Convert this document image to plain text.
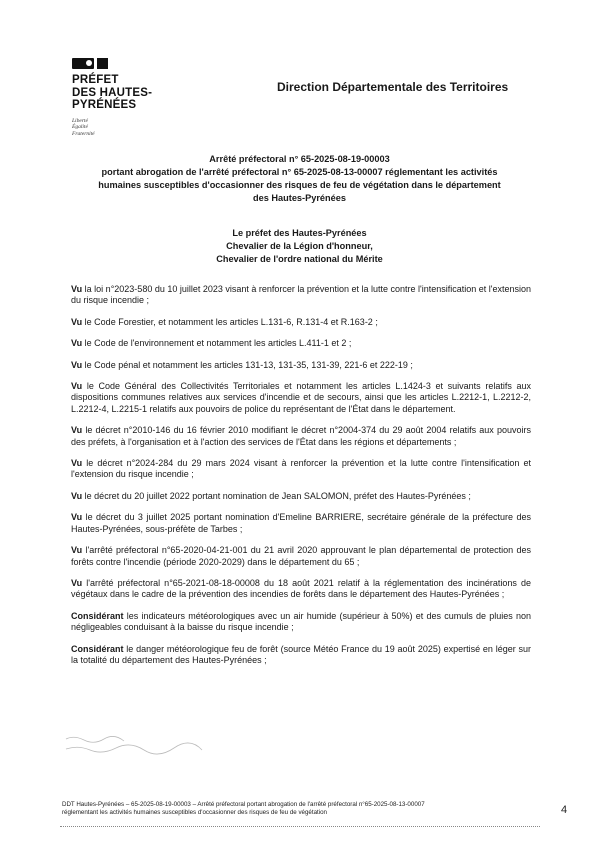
PRÉFET
DES HAUTES-
PYRÉNÉES
Liberté
Égalité
Fraternité
Direction Départementale des Territoires
Arrêté préfectoral n° 65-2025-08-19-00003
portant abrogation de l'arrêté préfectoral n° 65-2025-08-13-00007 réglementant les activités
humaines susceptibles d'occasionner des risques de feu de végétation dans le département
des Hautes-Pyrénées
Le préfet des Hautes-Pyrénées
Chevalier de la Légion d'honneur,
Chevalier de l'ordre national du Mérite

Vu la loi n°2023-580 du 10 juillet 2023 visant à renforcer la prévention et la lutte contre l'intensification et l'extension du risque incendie ;

Vu le Code Forestier, et notamment les articles L.131-6, R.131-4 et R.163-2 ;

Vu le Code de l'environnement et notamment les articles L.411-1 et 2 ;

Vu le Code pénal et notamment les articles 131-13, 131-35, 131-39, 221-6 et 222-19 ;

Vu le Code Général des Collectivités Territoriales et notamment les articles L.1424-3 et suivants relatifs aux dispositions communes relatives aux services d'incendie et de secours, ainsi que les articles L.2212-1, L.2212-2, L.2212-4, L.2215-1 relatifs aux pouvoirs de police du représentant de l'État dans le département.

Vu le décret n°2010-146 du 16 février 2010 modifiant le décret n°2004-374 du 29 août 2004 relatifs aux pouvoirs des préfets, à l'organisation et à l'action des services de l'État dans les régions et départements ;

Vu le décret n°2024-284 du 29 mars 2024 visant à renforcer la prévention et la lutte contre l'intensification et l'extension du risque incendie ;

Vu le décret du 20 juillet 2022 portant nomination de Jean SALOMON, préfet des Hautes-Pyrénées ;

Vu le décret du 3 juillet 2025 portant nomination d'Emeline BARRIERE, secrétaire générale de la préfecture des Hautes-Pyrénées, sous-préfète de Tarbes ;

Vu l'arrêté préfectoral n°65-2020-04-21-001 du 21 avril 2020 approuvant le plan départemental de protection des forêts contre l'incendie (période 2020-2029) dans le département du 65 ;

Vu l'arrêté préfectoral n°65-2021-08-18-00008 du 18 août 2021 relatif à la réglementation des incinérations de végétaux dans le cadre de la prévention des incendies de forêts dans le département des Hautes-Pyrénées ;

Considérant les indicateurs météorologiques avec un air humide (supérieur à 50%) et des cumuls de pluies non négligeables conduisant à la baisse du risque incendie ;

Considérant le danger météorologique feu de forêt (source Météo France du 19 août 2025) expertisé en léger sur la totalité du département des Hautes-Pyrénées ;

DDT Hautes-Pyrénées – 65-2025-08-19-00003 – Arrêté préfectoral portant abrogation de l'arrêté préfectoral n°65-2025-08-13-00007
réglementant les activités humaines susceptibles d'occasionner des risques de feu de végétation	4
